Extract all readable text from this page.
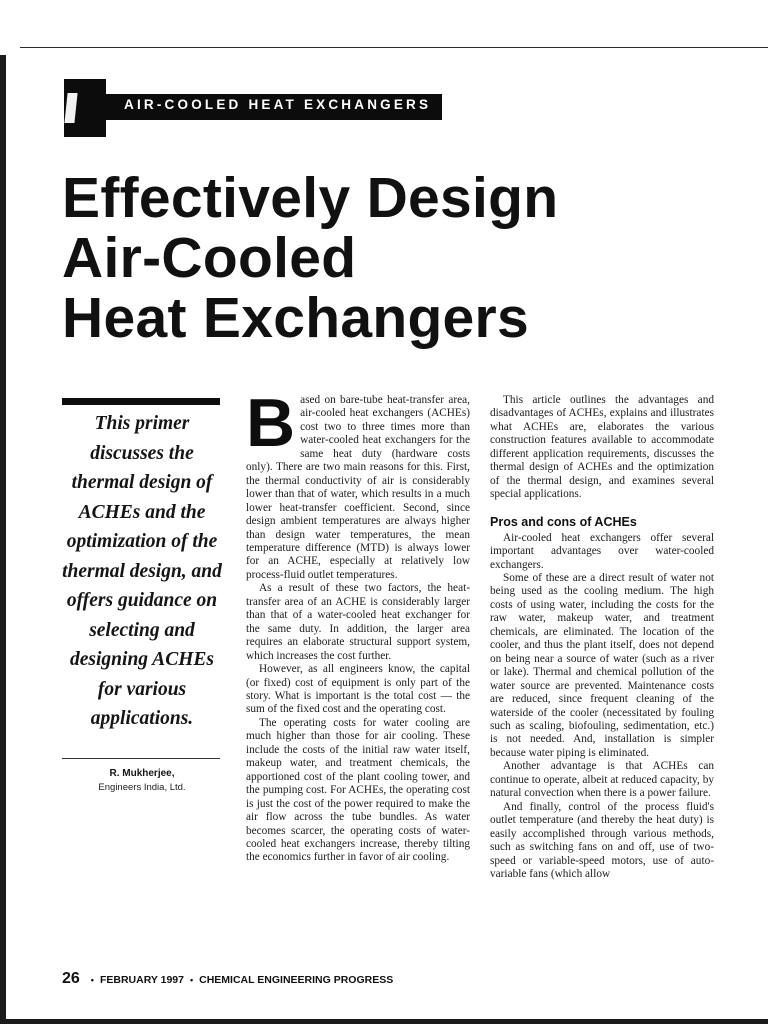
AIR-COOLED HEAT EXCHANGERS
Effectively Design
Air-Cooled
Heat Exchangers
This primer discusses the thermal design of ACHEs and the optimization of the thermal design, and offers guidance on selecting and designing ACHEs for various applications.
R. Mukherjee,
Engineers India, Ltd.

Based on bare-tube heat-transfer area, air-cooled heat exchangers (ACHEs) cost two to three times more than water-cooled heat exchangers for the same heat duty (hardware costs only). There are two main reasons for this. First, the thermal conductivity of air is considerably lower than that of water, which results in a much lower heat-transfer coefficient. Second, since design ambient temperatures are always higher than design water temperatures, the mean temperature difference (MTD) is always lower for an ACHE, especially at relatively low process-fluid outlet temperatures.

As a result of these two factors, the heat-transfer area of an ACHE is considerably larger than that of a water-cooled heat exchanger for the same duty. In addition, the larger area requires an elaborate structural support system, which increases the cost further.

However, as all engineers know, the capital (or fixed) cost of equipment is only part of the story. What is important is the total cost — the sum of the fixed cost and the operating cost.

The operating costs for water cooling are much higher than those for air cooling. These include the costs of the initial raw water itself, makeup water, and treatment chemicals, the apportioned cost of the plant cooling tower, and the pumping cost. For ACHEs, the operating cost is just the cost of the power required to make the air flow across the tube bundles. As water becomes scarcer, the operating costs of water-cooled heat exchangers increase, thereby tilting the economics further in favor of air cooling.

This article outlines the advantages and disadvantages of ACHEs, explains and illustrates what ACHEs are, elaborates the various construction features available to accommodate different application requirements, discusses the thermal design of ACHEs and the optimization of the thermal design, and examines several special applications.

Pros and cons of ACHEs

Air-cooled heat exchangers offer several important advantages over water-cooled exchangers.

Some of these are a direct result of water not being used as the cooling medium. The high costs of using water, including the costs for the raw water, makeup water, and treatment chemicals, are eliminated. The location of the cooler, and thus the plant itself, does not depend on being near a source of water (such as a river or lake). Thermal and chemical pollution of the water source are prevented. Maintenance costs are reduced, since frequent cleaning of the waterside of the cooler (necessitated by fouling such as scaling, biofouling, sedimentation, etc.) is not needed. And, installation is simpler because water piping is eliminated.

Another advantage is that ACHEs can continue to operate, albeit at reduced capacity, by natural convection when there is a power failure.

And finally, control of the process fluid's outlet temperature (and thereby the heat duty) is easily accomplished through various methods, such as switching fans on and off, use of two-speed or variable-speed motors, use of auto-variable fans (which allow

26 • FEBRUARY 1997 • CHEMICAL ENGINEERING PROGRESS
